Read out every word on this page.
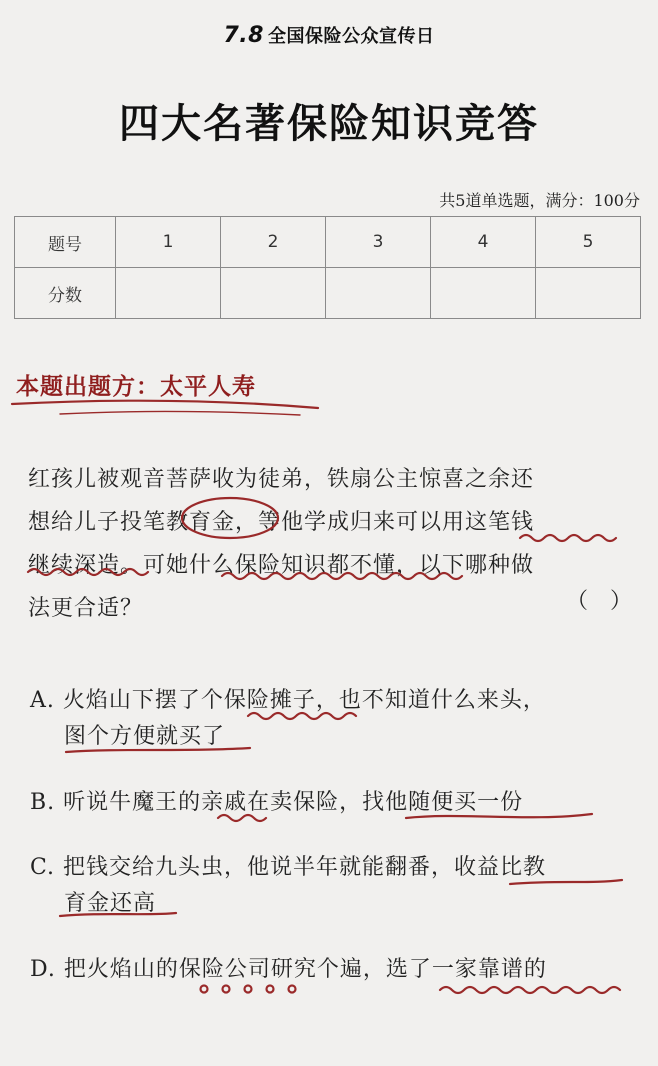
7.8 全国保险公众宣传日
四大名著保险知识竞答
共5道单选题，满分：100分
题号	1	2	3	4	5
分数					
本题出题方：太平人寿
红孩儿被观音菩萨收为徒弟，铁扇公主惊喜之余还
想给儿子投笔教育金，等他学成归来可以用这笔钱
继续深造。可她什么保险知识都不懂，以下哪种做
法更合适？	（　）
A. 火焰山下摆了个保险摊子，也不知道什么来头，
图个方便就买了
B. 听说牛魔王的亲戚在卖保险，找他随便买一份
C. 把钱交给九头虫，他说半年就能翻番，收益比教
育金还高
D. 把火焰山的保险公司研究个遍，选了一家靠谱的
